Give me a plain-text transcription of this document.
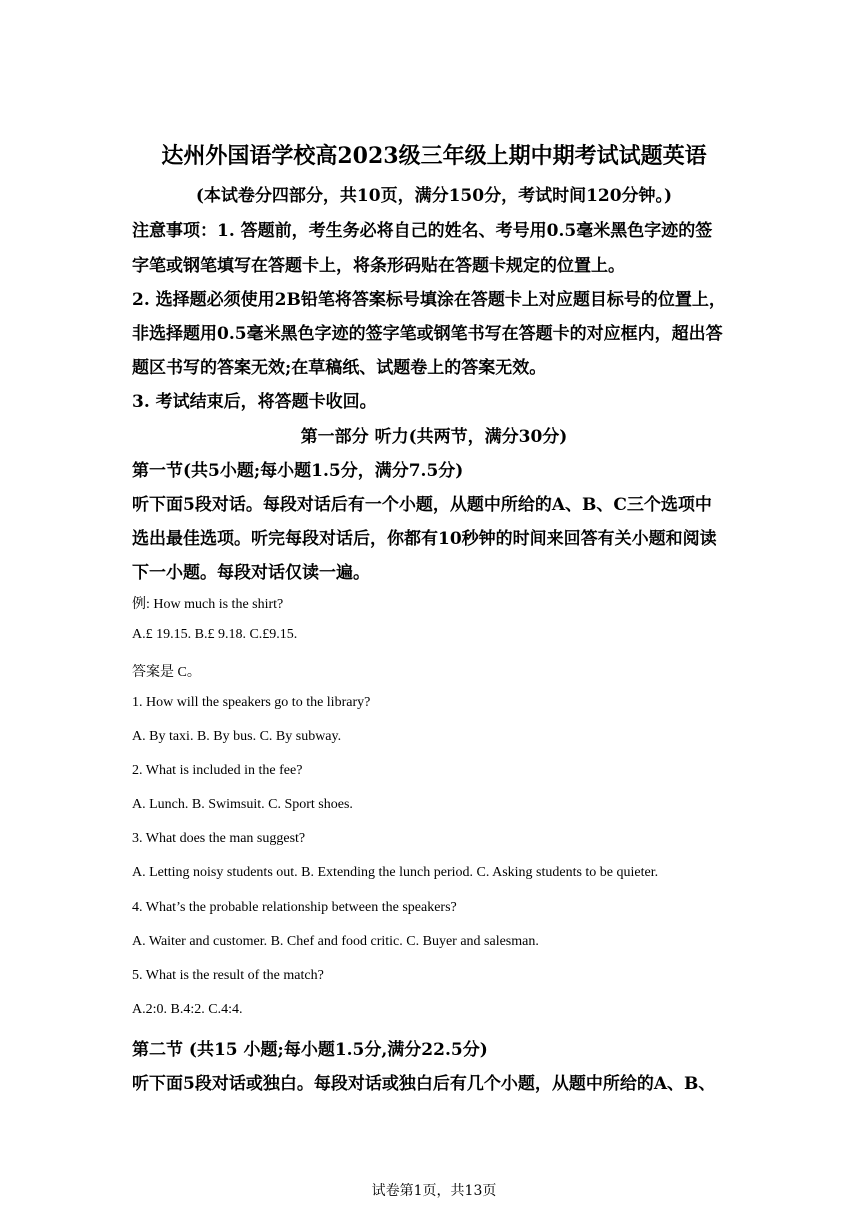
达州外国语学校高2023级三年级上期中期考试试题英语
(本试卷分四部分，共10页，满分150分，考试时间120分钟。)
注意事项：1. 答题前，考生务必将自己的姓名、考号用0.5毫米黑色字迹的签
字笔或钢笔填写在答题卡上，将条形码贴在答题卡规定的位置上。
2. 选择题必须使用2B铅笔将答案标号填涂在答题卡上对应题目标号的位置上，
非选择题用0.5毫米黑色字迹的签字笔或钢笔书写在答题卡的对应框内，超出答
题区书写的答案无效;在草稿纸、试题卷上的答案无效。
3. 考试结束后，将答题卡收回。
第一部分 听力(共两节，满分30分)
第一节(共5小题;每小题1.5分，满分7.5分)
听下面5段对话。每段对话后有一个小题，从题中所给的A、B、C三个选项中
选出最佳选项。听完每段对话后，你都有10秒钟的时间来回答有关小题和阅读
下一小题。每段对话仅读一遍。
例: How much is the shirt?
A.£ 19.15. B.£ 9.18. C.£9.15.
答案是 C。
1. How will the speakers go to the library?
A. By taxi. B. By bus. C. By subway.
2. What is included in the fee?
A. Lunch. B. Swimsuit. C. Sport shoes.
3. What does the man suggest?
A. Letting noisy students out. B. Extending the lunch period. C. Asking students to be quieter.
4. What’s the probable relationship between the speakers?
A. Waiter and customer. B. Chef and food critic. C. Buyer and salesman.
5. What is the result of the match?
A.2:0. B.4:2. C.4:4.
第二节 (共15 小题;每小题1.5分,满分22.5分)
听下面5段对话或独白。每段对话或独白后有几个小题，从题中所给的A、B、
试卷第1页，共13页
